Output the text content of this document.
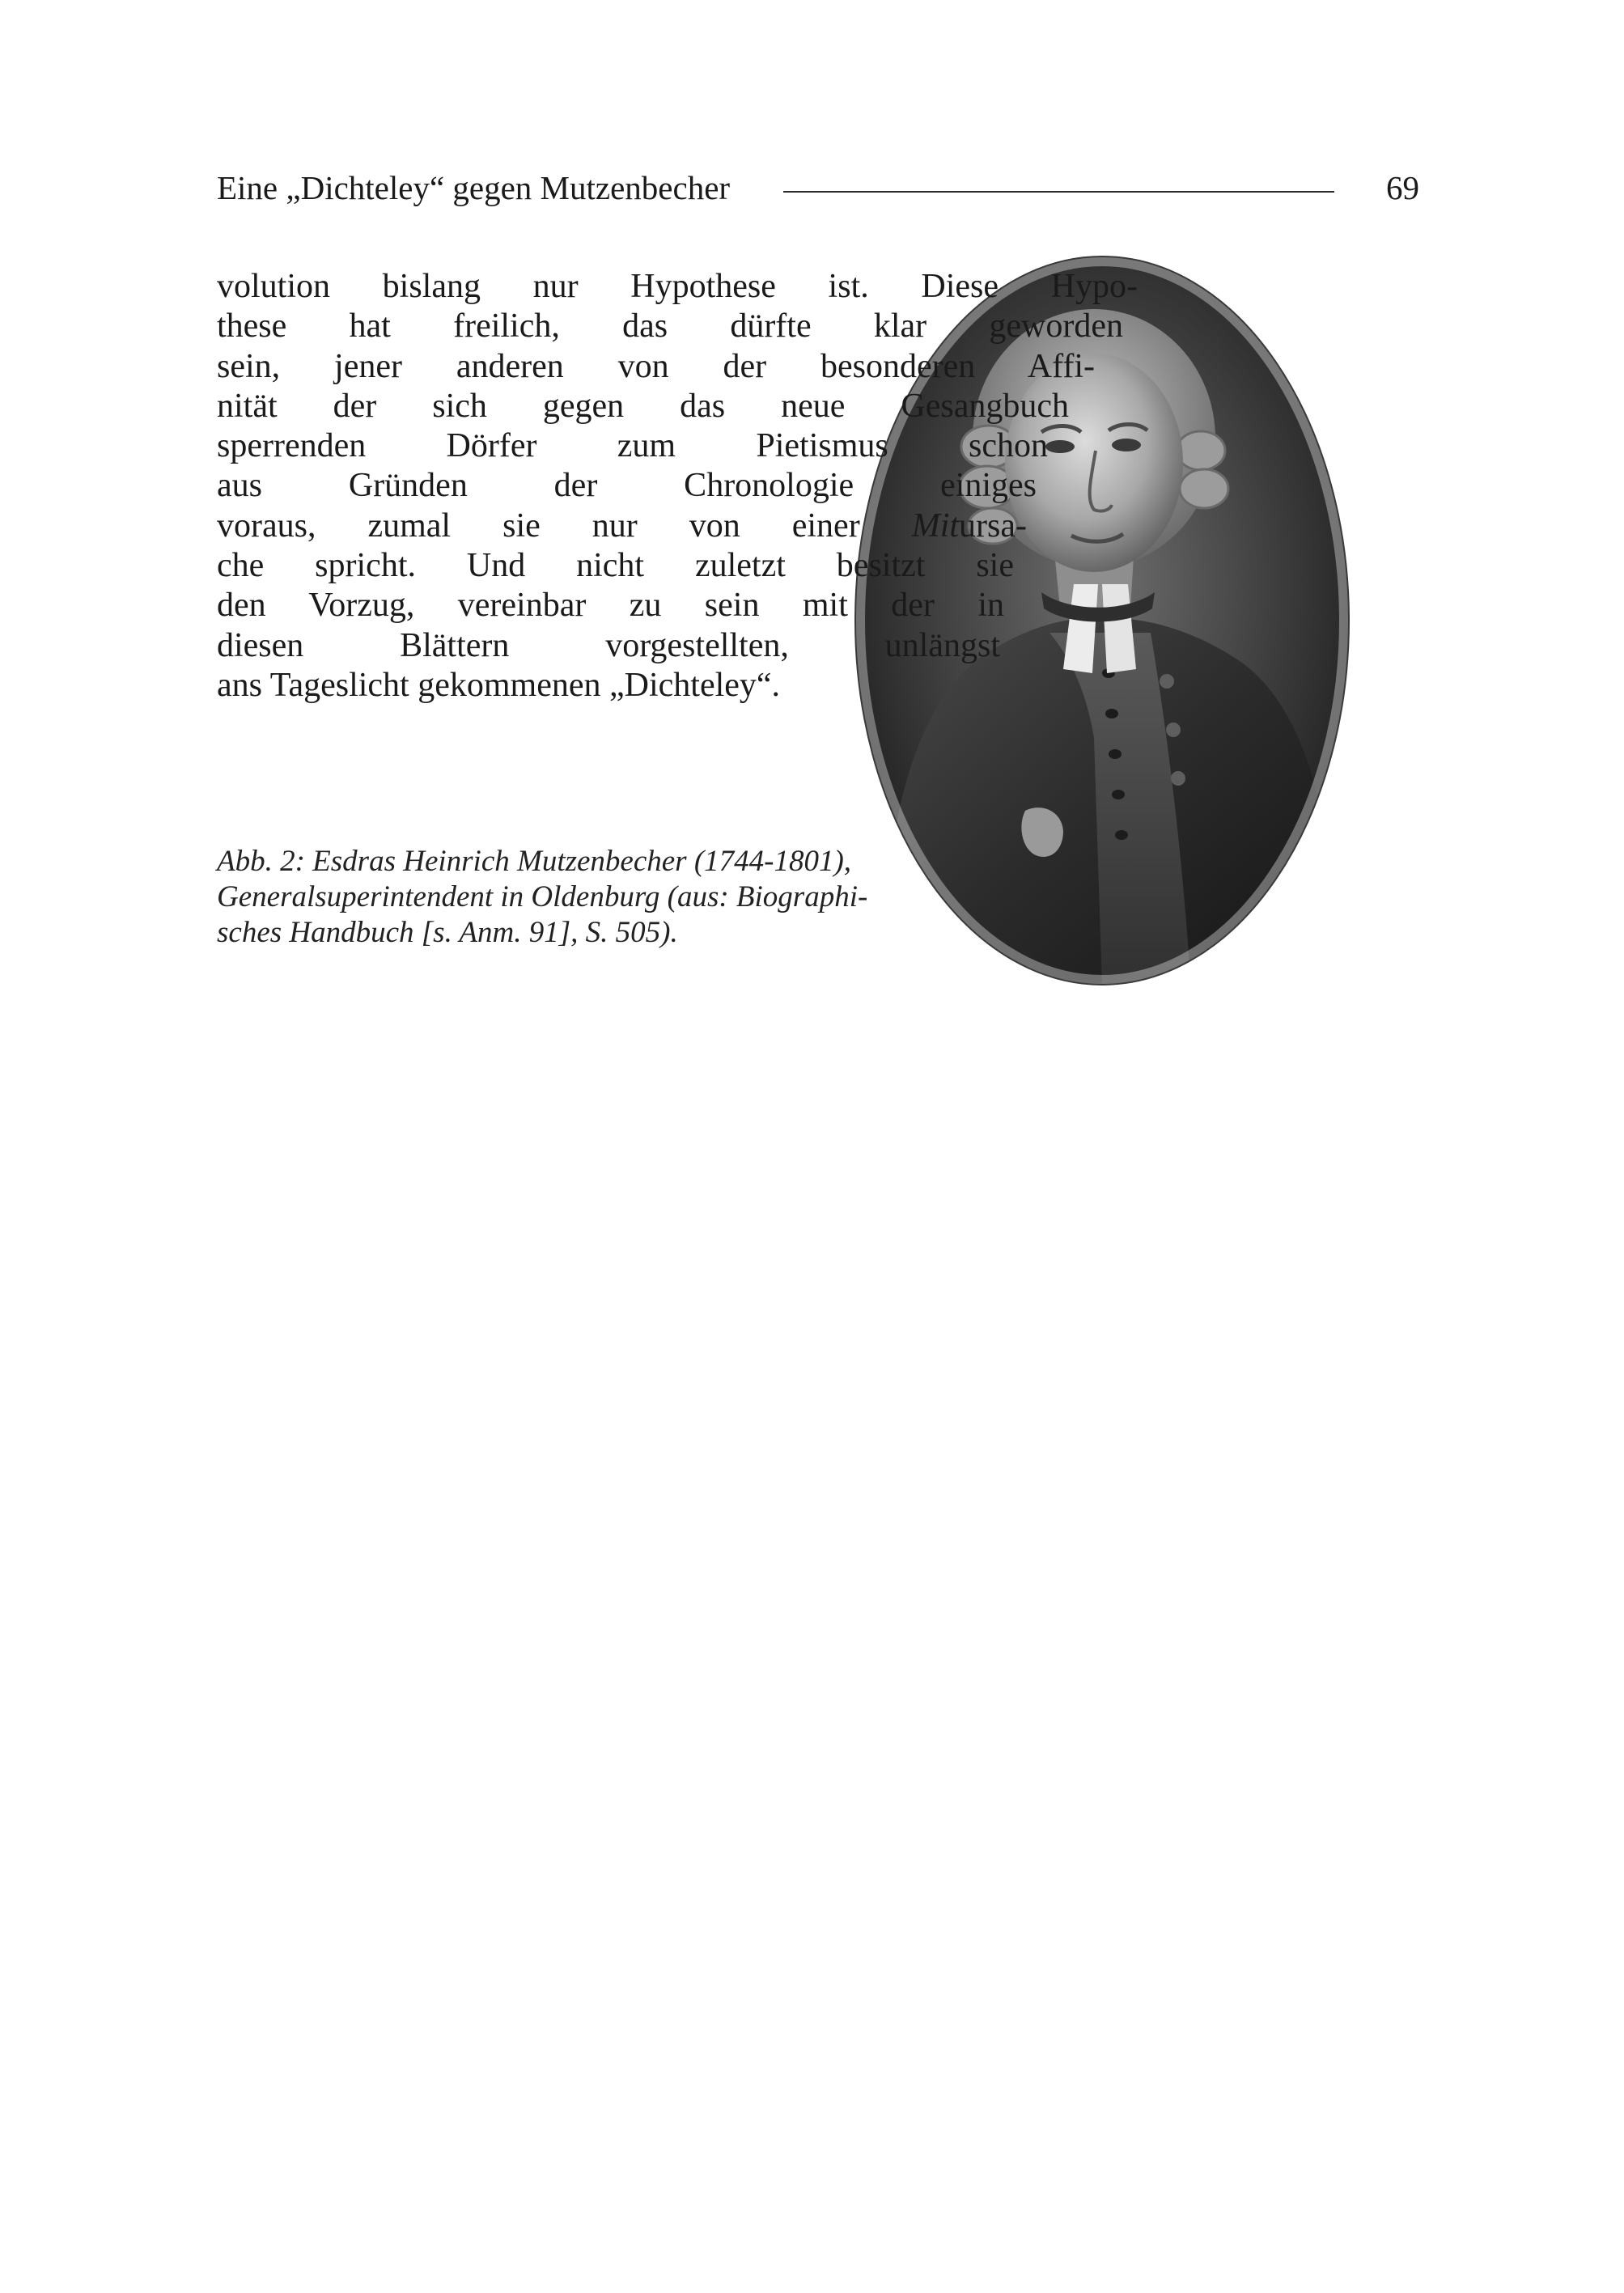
Eine „Dichteley“ gegen Mutzenbecher	69
volution bislang nur Hypothese ist. Diese Hypo-
these hat freilich, das dürfte klar geworden
sein, jener anderen von der besonderen Affi-
nität der sich gegen das neue Gesangbuch
sperrenden Dörfer zum Pietismus schon
aus Gründen der Chronologie einiges
voraus, zumal sie nur von einer Mitursa-
che spricht. Und nicht zuletzt besitzt sie
den Vorzug, vereinbar zu sein mit der in
diesen Blättern vorgestellten, unlängst
ans Tageslicht gekommenen „Dichteley“.
Abb. 2: Esdras Heinrich Mutzenbecher (1744-1801),
Generalsuperintendent in Oldenburg (aus: Biographi-
sches Handbuch [s. Anm. 91], S. 505).
